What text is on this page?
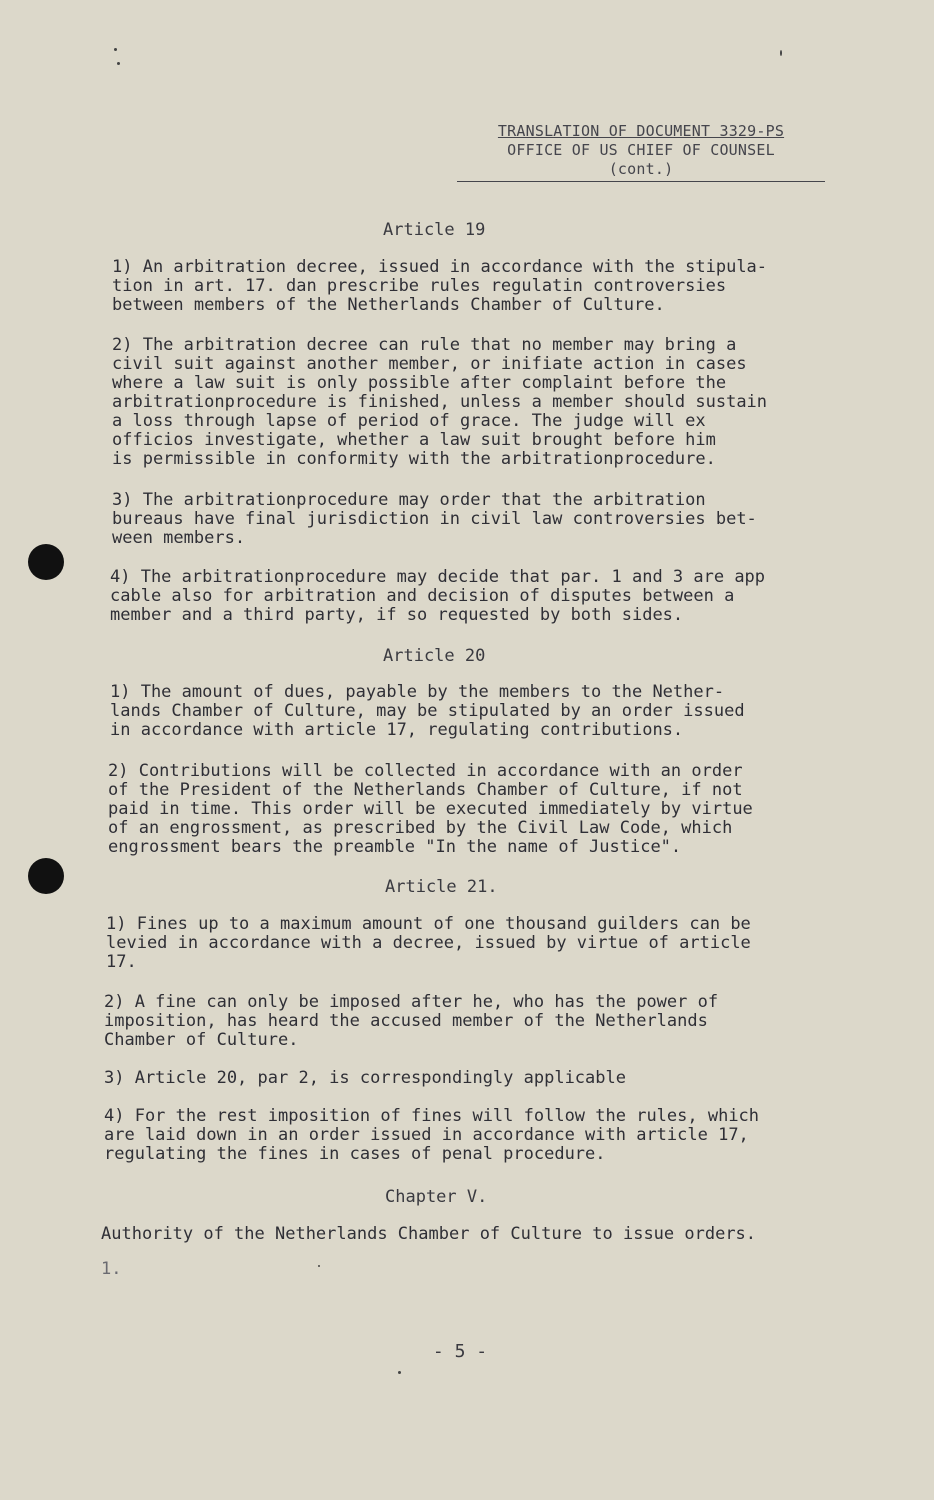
TRANSLATION OF DOCUMENT 3329-PS
OFFICE OF US CHIEF OF COUNSEL
(cont.)
Article 19
1) An arbitration decree, issued in accordance with the stipula-
tion in art. 17. dan prescribe rules regulatin controversies
between members of the Netherlands Chamber of Culture.
2) The arbitration decree can rule that no member may bring a
civil suit against another member, or inifiate action in cases
where a law suit is only possible after complaint before the
arbitrationprocedure is finished, unless a member should sustain
a loss through lapse of period of grace. The judge will ex
officios investigate, whether a law suit brought before him
is permissible in conformity with the arbitrationprocedure.
3) The arbitrationprocedure may order that the arbitration
bureaus have final jurisdiction in civil law controversies bet-
ween members.
4) The arbitrationprocedure may decide that par. 1 and 3 are app
cable also for arbitration and decision of disputes between a
member and a third party, if so requested by both sides.
Article 20
1) The amount of dues, payable by the members to the Nether-
lands Chamber of Culture, may be stipulated by an order issued
in accordance with article 17, regulating contributions.
2) Contributions will be collected in accordance with an order
of the President of the Netherlands Chamber of Culture, if not
paid in time. This order will be executed immediately by virtue
of an engrossment, as prescribed by the Civil Law Code, which
engrossment bears the preamble "In the name of Justice".
Article 21.
1) Fines up to a maximum amount of one thousand guilders can be
levied in accordance with a decree, issued by virtue of article
17.
2) A fine can only be imposed after he, who has the power of
imposition, has heard the accused member of the Netherlands
Chamber of Culture.
3) Article 20, par 2, is correspondingly applicable
4) For the rest imposition of fines will follow the rules, which
are laid down in an order issued in accordance with article 17,
regulating the fines in cases of penal procedure.
Chapter V.
Authority of the Netherlands Chamber of Culture to issue orders.
1.
- 5 -
